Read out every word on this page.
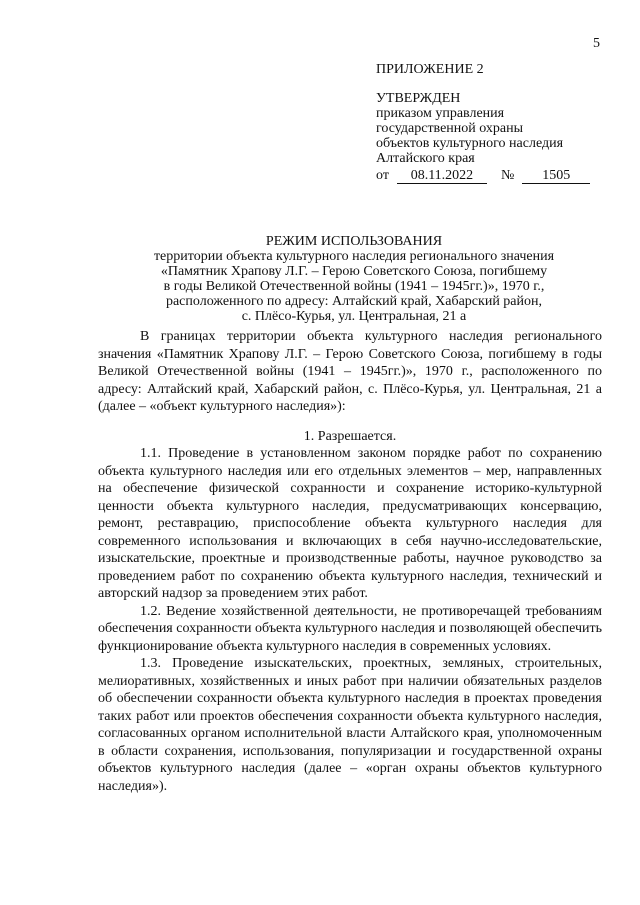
5
ПРИЛОЖЕНИЕ 2
УТВЕРЖДЕН
приказом управления
государственной охраны
объектов культурного наследия
Алтайского края
от 08.11.2022 № 1505
РЕЖИМ ИСПОЛЬЗОВАНИЯ
территории объекта культурного наследия регионального значения
«Памятник Храпову Л.Г. – Герою Советского Союза, погибшему
в годы Великой Отечественной войны (1941 – 1945гг.)», 1970 г.,
расположенного по адресу: Алтайский край, Хабарский район,
с. Плёсо-Курья, ул. Центральная, 21 а

В границах территории объекта культурного наследия регионального значения «Памятник Храпову Л.Г. – Герою Советского Союза, погибшему в годы Великой Отечественной войны (1941 – 1945гг.)», 1970 г., расположенного по адресу: Алтайский край, Хабарский район, с. Плёсо-Курья, ул. Центральная, 21 а (далее – «объект культурного наследия»):

1. Разрешается.

1.1. Проведение в установленном законом порядке работ по сохранению объекта культурного наследия или его отдельных элементов – мер, направленных на обеспечение физической сохранности и сохранение историко-культурной ценности объекта культурного наследия, предусматривающих консервацию, ремонт, реставрацию, приспособление объекта культурного наследия для современного использования и включающих в себя научно-исследовательские, изыскательские, проектные и производственные работы, научное руководство за проведением работ по сохранению объекта культурного наследия, технический и авторский надзор за проведением этих работ.

1.2. Ведение хозяйственной деятельности, не противоречащей требованиям обеспечения сохранности объекта культурного наследия и позволяющей обеспечить функционирование объекта культурного наследия в современных условиях.

1.3. Проведение изыскательских, проектных, земляных, строительных, мелиоративных, хозяйственных и иных работ при наличии обязательных разделов об обеспечении сохранности объекта культурного наследия в проектах проведения таких работ или проектов обеспечения сохранности объекта культурного наследия, согласованных органом исполнительной власти Алтайского края, уполномоченным в области сохранения, использования, популяризации и государственной охраны объектов культурного наследия (далее – «орган охраны объектов культурного наследия»).
